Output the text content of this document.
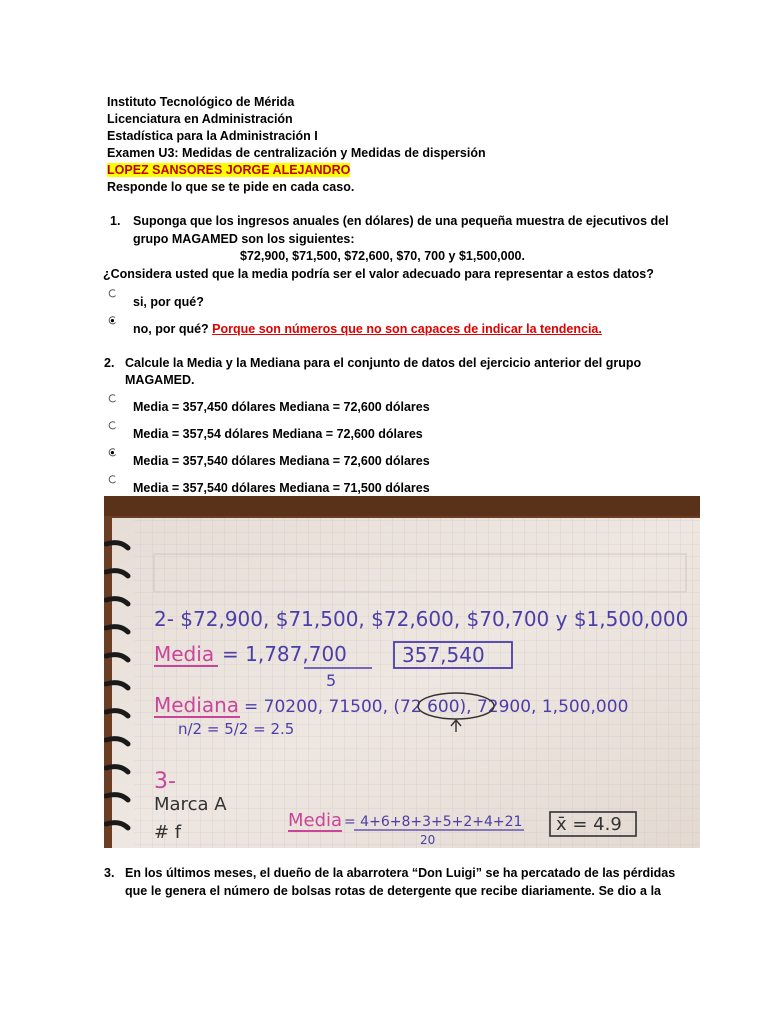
Instituto Tecnológico de Mérida
Licenciatura en Administración
Estadística para la Administración I
Examen U3: Medidas de centralización y Medidas de dispersión
LOPEZ SANSORES JORGE ALEJANDRO
Responde lo que se te pide en cada caso.
1. Suponga que los ingresos anuales (en dólares) de una pequeña muestra de ejecutivos del
grupo MAGAMED son los siguientes:
$72,900, $71,500, $72,600, $70, 700 y $1,500,000.
¿Considera usted que la media podría ser el valor adecuado para representar a estos datos?
si, por qué?
no, por qué? Porque son números que no son capaces de indicar la tendencia.
2. Calcule la Media y la Mediana para el conjunto de datos del ejercicio anterior del grupo
MAGAMED.
Media = 357,450 dólares Mediana = 72,600 dólares
Media = 357,54 dólares Mediana = 72,600 dólares
Media = 357,540 dólares Mediana = 72,600 dólares
Media = 357,540 dólares Mediana = 71,500 dólares
2- $72,900, $71,500, $72,600, $70,700 y $1,500,000
Media = 1,787,700
5
357,540
Mediana = 70200, 71500, (72 600), 72900, 1,500,000
n/2 = 5/2 = 2.5
3-
Marca A
Media = 4+6+8+3+5+2+4+21
20
x̄ = 4.9
# f
3. En los últimos meses, el dueño de la abarrotera “Don Luigi” se ha percatado de las pérdidas
que le genera el número de bolsas rotas de detergente que recibe diariamente. Se dio a la
